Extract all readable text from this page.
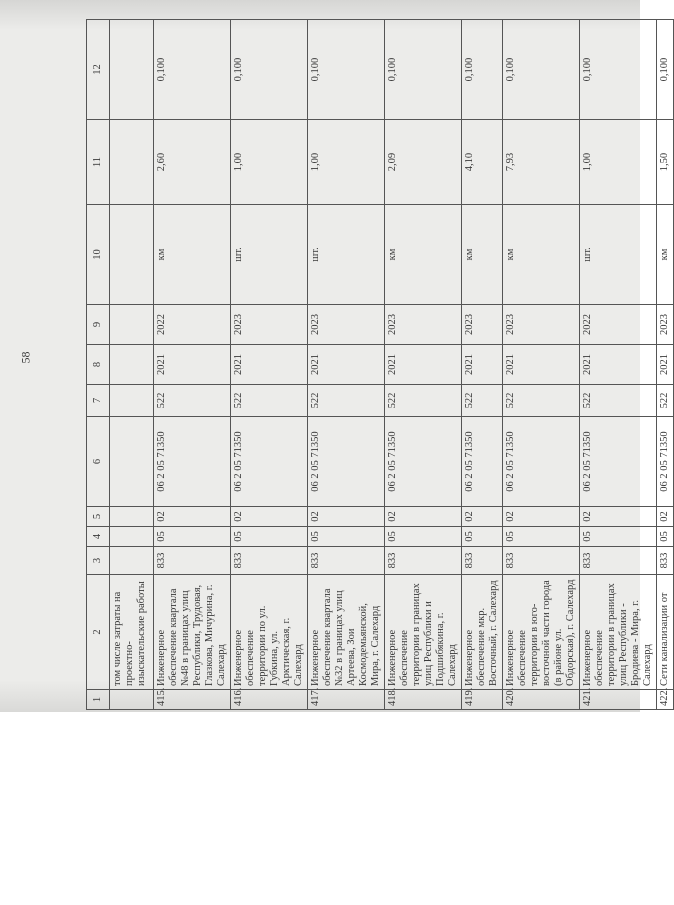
58
1	2	3	4	5	6	7	8	9	10	11	12
	том числе затраты на проектно-изыскательские работы										
415.	Инженерное обеспечение квартала №48 в границах улиц Республики, Трудовая, Глазкова, Мичурина, г. Салехард	833	05	02	06 2 05 71350	522	2021	2022	км	2,60	0,100
416.	Инженерное обеспечение территории по ул. Губкина, ул. Арктическая, г. Салехард	833	05	02	06 2 05 71350	522	2021	2023	шт.	1,00	0,100
417.	Инженерное обеспечение квартала №32 в границах улиц Артеева, Зои Космодемьянской, Мира, г. Салехард	833	05	02	06 2 05 71350	522	2021	2023	шт.	1,00	0,100
418.	Инженерное обеспечение территории в границах улиц Республики и Подшибякина, г. Салехард	833	05	02	06 2 05 71350	522	2021	2023	км	2,09	0,100
419.	Инженерное обеспечение мкр. Восточный, г. Салехард	833	05	02	06 2 05 71350	522	2021	2023	км	4,10	0,100
420.	Инженерное обеспечение территории в юго-восточной части города (в районе ул. Обдорская), г. Салехард	833	05	02	06 2 05 71350	522	2021	2023	км	7,93	0,100
421.	Инженерное обеспечение территории в границах улиц Республики - Бродиева - Мира, г. Салехард	833	05	02	06 2 05 71350	522	2021	2022	шт.	1,00	0,100
422.	Сети канализации от	833	05	02	06 2 05 71350	522	2021	2023	км	1,50	0,100
